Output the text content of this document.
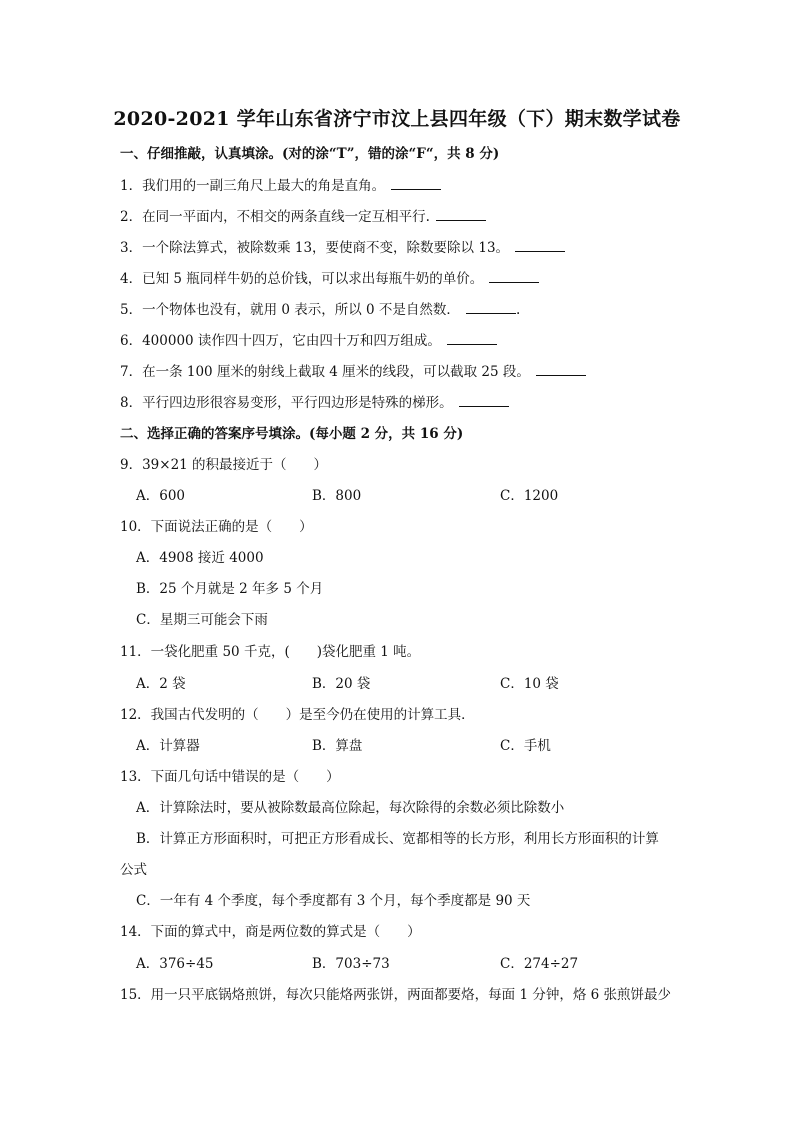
2020-2021 学年山东省济宁市汶上县四年级（下）期末数学试卷
一、仔细推敲，认真填涂。(对的涂“T”，错的涂“F“，共 8 分)
1．我们用的一副三角尺上最大的角是直角。
2．在同一平面内，不相交的两条直线一定互相平行.
3．一个除法算式，被除数乘 13，要使商不变，除数要除以 13。
4．已知 5 瓶同样牛奶的总价钱，可以求出每瓶牛奶的单价。
5．一个物体也没有，就用 0 表示，所以 0 不是自然数．	.
6．400000 读作四十四万，它由四十万和四万组成。
7．在一条 100 厘米的射线上截取 4 厘米的线段，可以截取 25 段。
8．平行四边形很容易变形，平行四边形是特殊的梯形。
二、选择正确的答案序号填涂。(每小题 2 分，共 16 分)
9．39×21 的积最接近于（　　）
A．600	B．800	C．1200
10．下面说法正确的是（　　）
A．4908 接近 4000
B．25 个月就是 2 年多 5 个月
C．星期三可能会下雨
11．一袋化肥重 50 千克，(　　)袋化肥重 1 吨。
A．2 袋	B．20 袋	C．10 袋
12．我国古代发明的（　　）是至今仍在使用的计算工具．
A．计算器	B．算盘	C．手机
13．下面几句话中错误的是（　　）
A．计算除法时，要从被除数最高位除起，每次除得的余数必须比除数小
B．计算正方形面积时，可把正方形看成长、宽都相等的长方形，利用长方形面积的计算
公式
C．一年有 4 个季度，每个季度都有 3 个月，每个季度都是 90 天
14．下面的算式中，商是两位数的算式是（　　）
A．376÷45	B．703÷73	C．274÷27
15．用一只平底锅烙煎饼，每次只能烙两张饼，两面都要烙，每面 1 分钟，烙 6 张煎饼最少
